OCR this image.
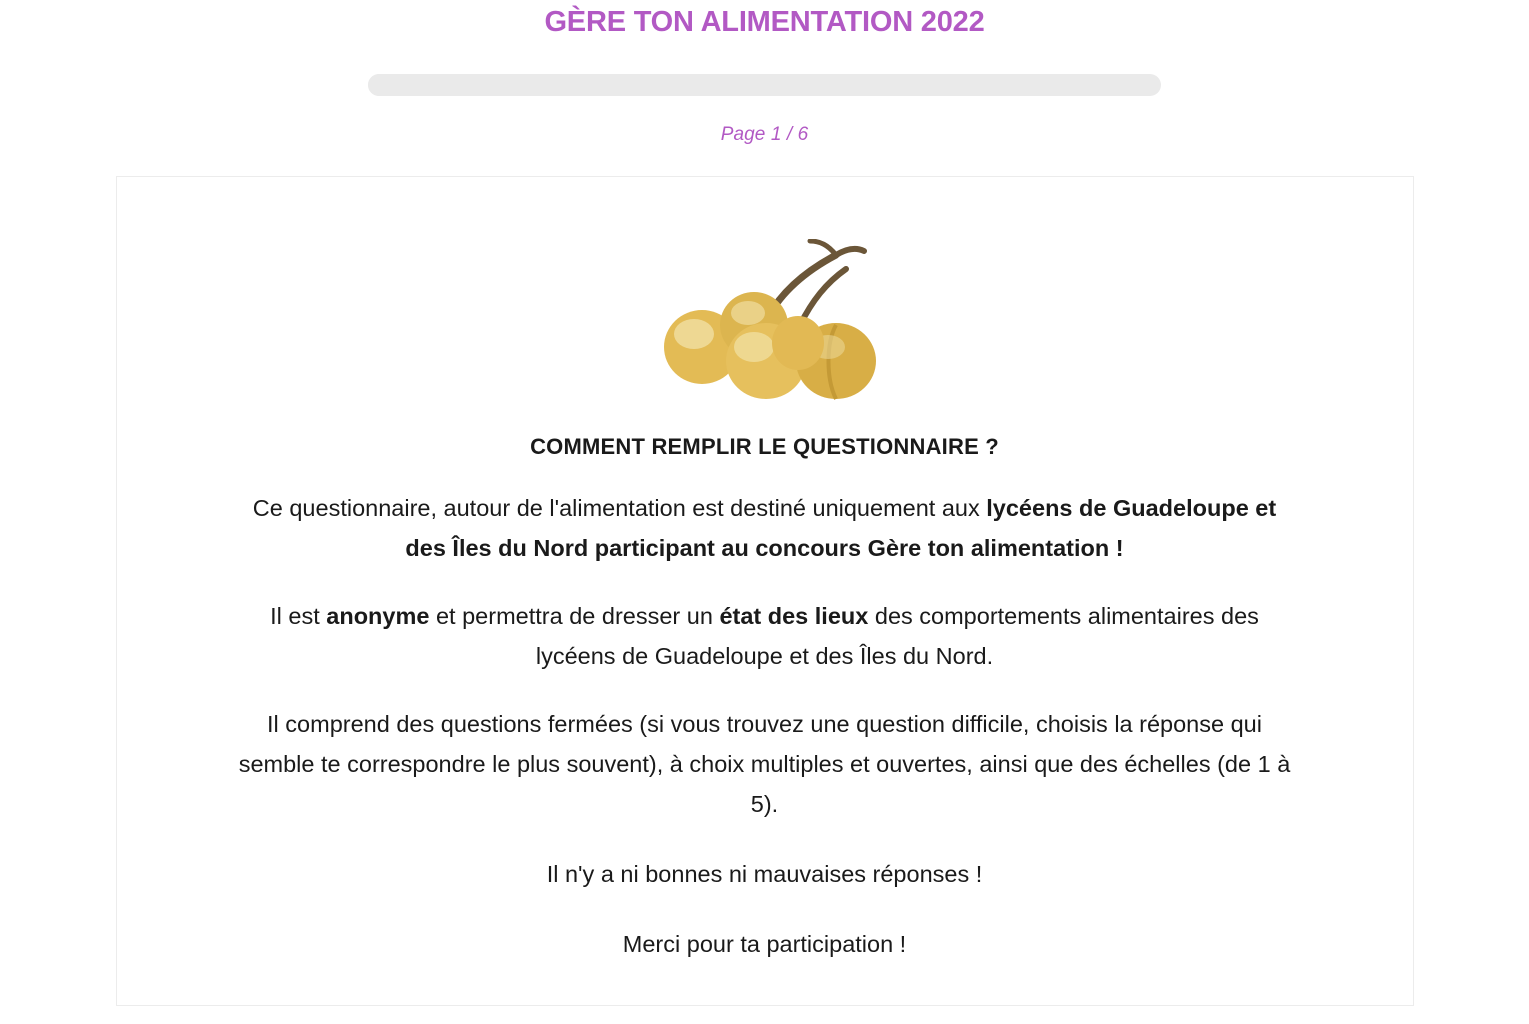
GÈRE TON ALIMENTATION 2022
Page 1 / 6
COMMENT REMPLIR LE QUESTIONNAIRE ?

Ce questionnaire, autour de l'alimentation est destiné uniquement aux lycéens de Guadeloupe et des Îles du Nord participant au concours Gère ton alimentation !

Il est anonyme et permettra de dresser un état des lieux des comportements alimentaires des lycéens de Guadeloupe et des Îles du Nord.

Il comprend des questions fermées (si vous trouvez une question difficile, choisis la réponse qui semble te correspondre le plus souvent), à choix multiples et ouvertes, ainsi que des échelles (de 1 à 5).

Il n'y a ni bonnes ni mauvaises réponses !

Merci pour ta participation !
